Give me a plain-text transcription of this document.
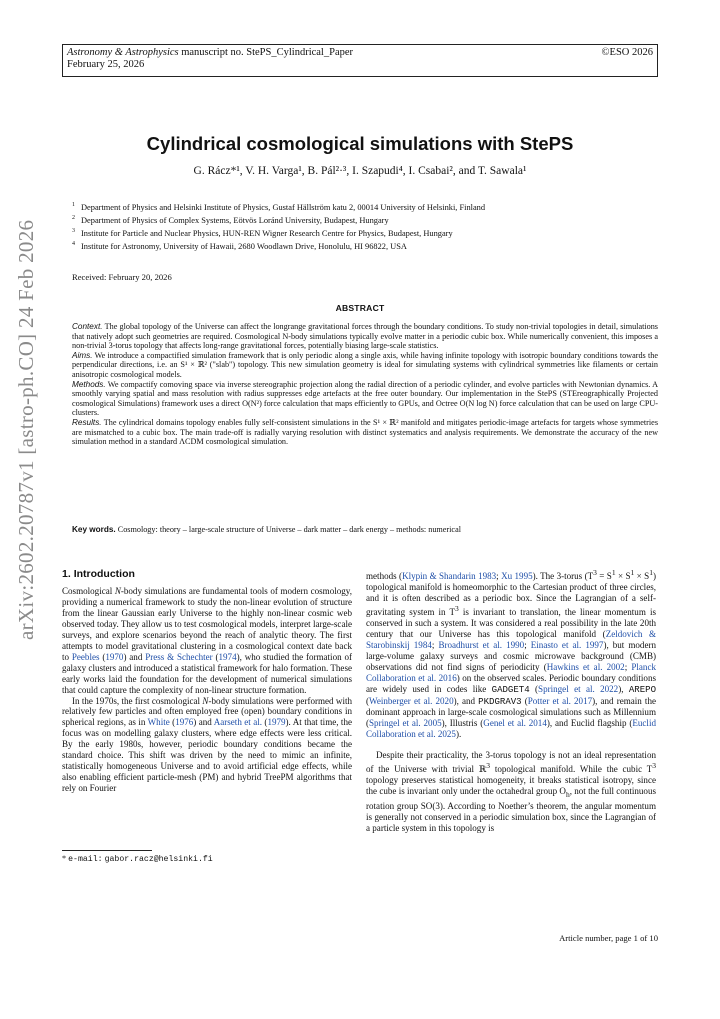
Astronomy & Astrophysics manuscript no. StePS_Cylindrical_Paper
February 25, 2026
©ESO 2026
arXiv:2602.20787v1 [astro-ph.CO] 24 Feb 2026
Cylindrical cosmological simulations with StePS
G. Rácz*¹, V. H. Varga¹, B. Pál²·³, I. Szapudi⁴, I. Csabai², and T. Sawala¹
$^1$ Department of Physics and Helsinki Institute of Physics, Gustaf Hällström katu 2, 00014 University of Helsinki, Finland
$^2$ Department of Physics of Complex Systems, Eötvös Loránd University, Budapest, Hungary
$^3$ Institute for Particle and Nuclear Physics, HUN-REN Wigner Research Centre for Physics, Budapest, Hungary
$^4$ Institute for Astronomy, University of Hawaii, 2680 Woodlawn Drive, Honolulu, HI 96822, USA
Received: February 20, 2026
ABSTRACT

Context. The global topology of the Universe can affect the longrange gravitational forces through the boundary conditions. To study non-trivial topologies in detail, simulations that natively adopt such geometries are required. Cosmological N-body simulations typically evolve matter in a periodic cubic box. While numerically convenient, this imposes a non-trivial 3-torus topology that affects long-range gravitational forces, potentially biasing large-scale statistics.

Aims. We introduce a compactified simulation framework that is only periodic along a single axis, while having infinite topology with isotropic boundary conditions towards the perpendicular directions, i.e. an S¹ × ℝ² ("slab") topology. This new simulation geometry is ideal for simulating systems with cylindrical symmetries like filaments or certain anisotropic cosmological models.

Methods. We compactify comoving space via inverse stereographic projection along the radial direction of a periodic cylinder, and evolve particles with Newtonian dynamics. A smoothly varying spatial and mass resolution with radius suppresses edge artefacts at the free outer boundary. Our implementation in the StePS (STEreographically Projected cosmological Simulations) framework uses a direct O(N²) force calculation that maps efficiently to GPUs, and Octree O(N log N) force calculation that can be used on large CPU-clusters.

Results. The cylindrical domains topology enables fully self-consistent simulations in the S¹ × ℝ² manifold and mitigates periodic-image artefacts for targets whose symmetries are mismatched to a cubic box. The main trade-off is radially varying resolution with distinct systematics and analysis requirements. We demonstrate the accuracy of the new simulation method in a standard ΛCDM cosmological simulation.

Key words. Cosmology: theory – large-scale structure of Universe – dark matter – dark energy – methods: numerical
1. Introduction

Cosmological N-body simulations are fundamental tools of modern cosmology, providing a numerical framework to study the non-linear evolution of structure from the linear Gaussian early Universe to the highly non-linear cosmic web observed today. They allow us to test cosmological models, interpret large-scale surveys, and explore scenarios beyond the reach of analytic theory. The first attempts to model gravitational clustering in a cosmological context date back to Peebles (1970) and Press & Schechter (1974), who studied the formation of galaxy clusters and introduced a statistical framework for halo formation. These early works laid the foundation for the development of numerical simulations that could capture the complexity of non-linear structure formation.

In the 1970s, the first cosmological N-body simulations were performed with relatively few particles and often employed free (open) boundary conditions in spherical regions, as in White (1976) and Aarseth et al. (1979). At that time, the focus was on modelling galaxy clusters, where edge effects were less critical. By the early 1980s, however, periodic boundary conditions became the standard choice. This shift was driven by the need to mimic an infinite, statistically homogeneous Universe and to avoid artificial edge effects, while also enabling efficient particle-mesh (PM) and hybrid TreePM algorithms that rely on Fourier

methods (Klypin & Shandarin 1983; Xu 1995). The 3-torus $(T^3 = S^1 \times S^1 \times S^1)$ topological manifold is homeomorphic to the Cartesian product of three circles, and it is often described as a periodic box. Since the Lagrangian of a self-gravitating system in $T^3$ is invariant to translation, the linear momentum is conserved in such a system. It was considered a real possibility in the late 20th century that our Universe has this topological manifold (Zeldovich & Starobinskij 1984; Broadhurst et al. 1990; Einasto et al. 1997), but modern large-volume galaxy surveys and cosmic microwave background (CMB) observations did not find signs of periodicity (Hawkins et al. 2002; Planck Collaboration et al. 2016) on the observed scales. Periodic boundary conditions are widely used in codes like GADGET4 (Springel et al. 2022), AREPO (Weinberger et al. 2020), and PKDGRAV3 (Potter et al. 2017), and remain the dominant approach in large-scale cosmological simulations such as Millennium (Springel et al. 2005), Illustris (Genel et al. 2014), and Euclid flagship (Euclid Collaboration et al. 2025).

Despite their practicality, the 3-torus topology is not an ideal representation of the Universe with trivial ℝ$^3$ topological manifold. While the cubic $T^3$ topology preserves statistical homogeneity, it breaks statistical isotropy, since the cube is invariant only under the octahedral group $O_h$, not the full continuous rotation group SO(3). According to Noether’s theorem, the angular momentum is generally not conserved in a periodic simulation box, since the Lagrangian of a particle system in this topology is

* e-mail: gabor.racz@helsinki.fi
Article number, page 1 of 10
